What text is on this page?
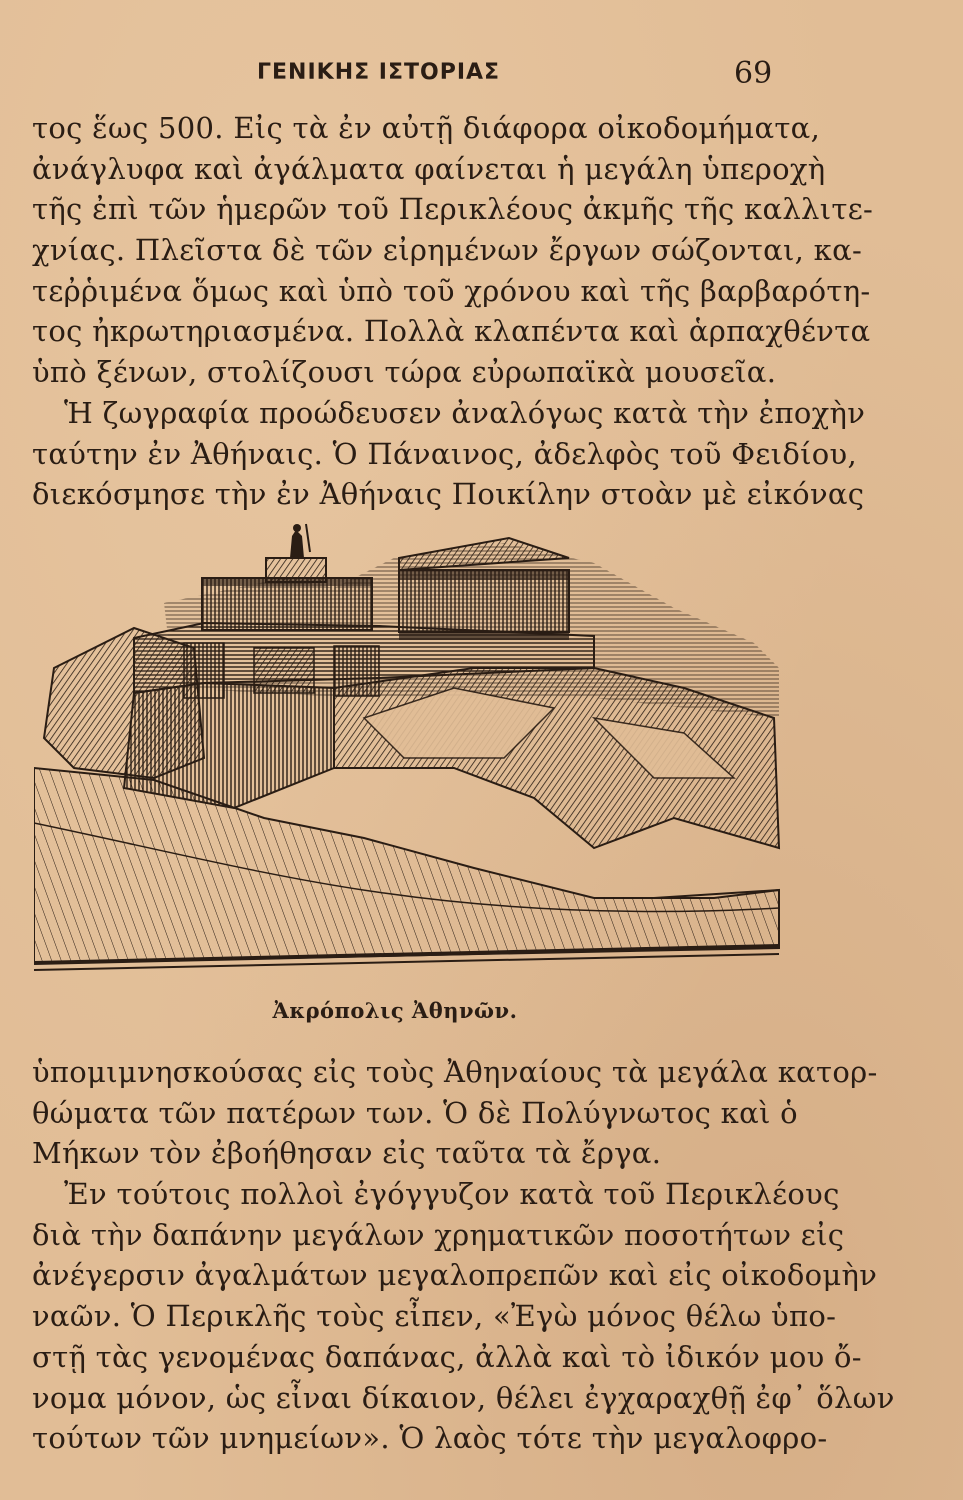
ΓΕΝΙΚΗΣ ΙΣΤΟΡΙΑΣ	69
τος ἕως 500. Εἰς τὰ ἐν αὐτῇ διάφορα οἰκοδομήματα,
ἀνάγλυφα καὶ ἀγάλματα φαίνεται ἡ μεγάλη ὑπεροχὴ
τῆς ἐπὶ τῶν ἡμερῶν τοῦ Περικλέους ἀκμῆς τῆς καλλιτε-
χνίας. Πλεῖστα δὲ τῶν εἰρημένων ἔργων σώζονται, κα-
τεῤῥιμένα ὅμως καὶ ὑπὸ τοῦ χρόνου καὶ τῆς βαρβαρότη-
τος ἠκρωτηριασμένα. Πολλὰ κλαπέντα καὶ ἁρπαχθέντα
ὑπὸ ξένων, στολίζουσι τώρα εὐρωπαϊκὰ μουσεῖα.
Ἡ ζωγραφία προώδευσεν ἀναλόγως κατὰ τὴν ἐποχὴν
ταύτην ἐν Ἀθήναις. Ὁ Πάναινος, ἀδελφὸς τοῦ Φειδίου,
διεκόσμησε τὴν ἐν Ἀθήναις Ποικίλην στοὰν μὲ εἰκόνας
Ἀκρόπολις Ἀθηνῶν.
ὑπομιμνησκούσας εἰς τοὺς Ἀθηναίους τὰ μεγάλα κατορ-
θώματα τῶν πατέρων των. Ὁ δὲ Πολύγνωτος καὶ ὁ
Μήκων τὸν ἐβοήθησαν εἰς ταῦτα τὰ ἔργα.
Ἐν τούτοις πολλοὶ ἐγόγγυζον κατὰ τοῦ Περικλέους
διὰ τὴν δαπάνην μεγάλων χρηματικῶν ποσοτήτων εἰς
ἀνέγερσιν ἀγαλμάτων μεγαλοπρεπῶν καὶ εἰς οἰκοδομὴν
ναῶν. Ὁ Περικλῆς τοὺς εἶπεν, «Ἐγὼ μόνος θέλω ὑπο-
στῇ τὰς γενομένας δαπάνας, ἀλλὰ καὶ τὸ ἰδικόν μου ὄ-
νομα μόνον, ὡς εἶναι δίκαιον, θέλει ἐγχαραχθῇ ἐφ᾽ ὅλων
τούτων τῶν μνημείων». Ὁ λαὸς τότε τὴν μεγαλοφρο-
